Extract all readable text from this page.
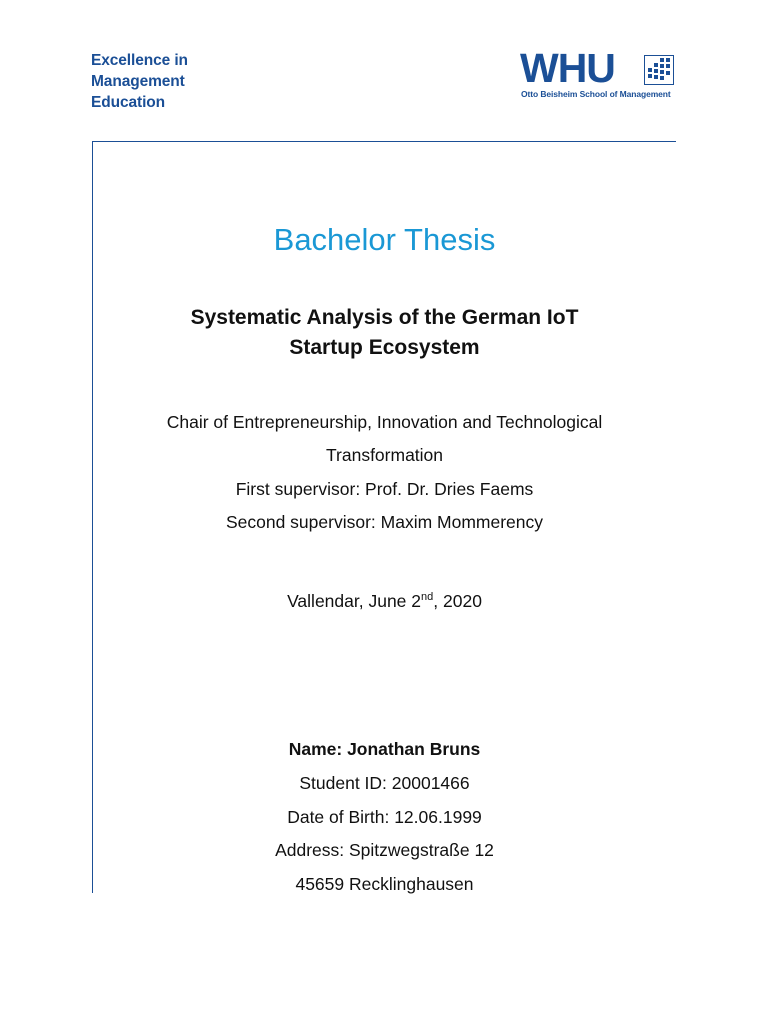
Excellence in
Management
Education
WHU
Otto Beisheim School of Management
Bachelor Thesis
Systematic Analysis of the German IoT
Startup Ecosystem
Chair of Entrepreneurship, Innovation and Technological
Transformation
First supervisor: Prof. Dr. Dries Faems
Second supervisor: Maxim Mommerency
Vallendar, June 2nd, 2020
Name: Jonathan Bruns
Student ID: 20001466
Date of Birth: 12.06.1999
Address: Spitzwegstraße 12
45659 Recklinghausen
